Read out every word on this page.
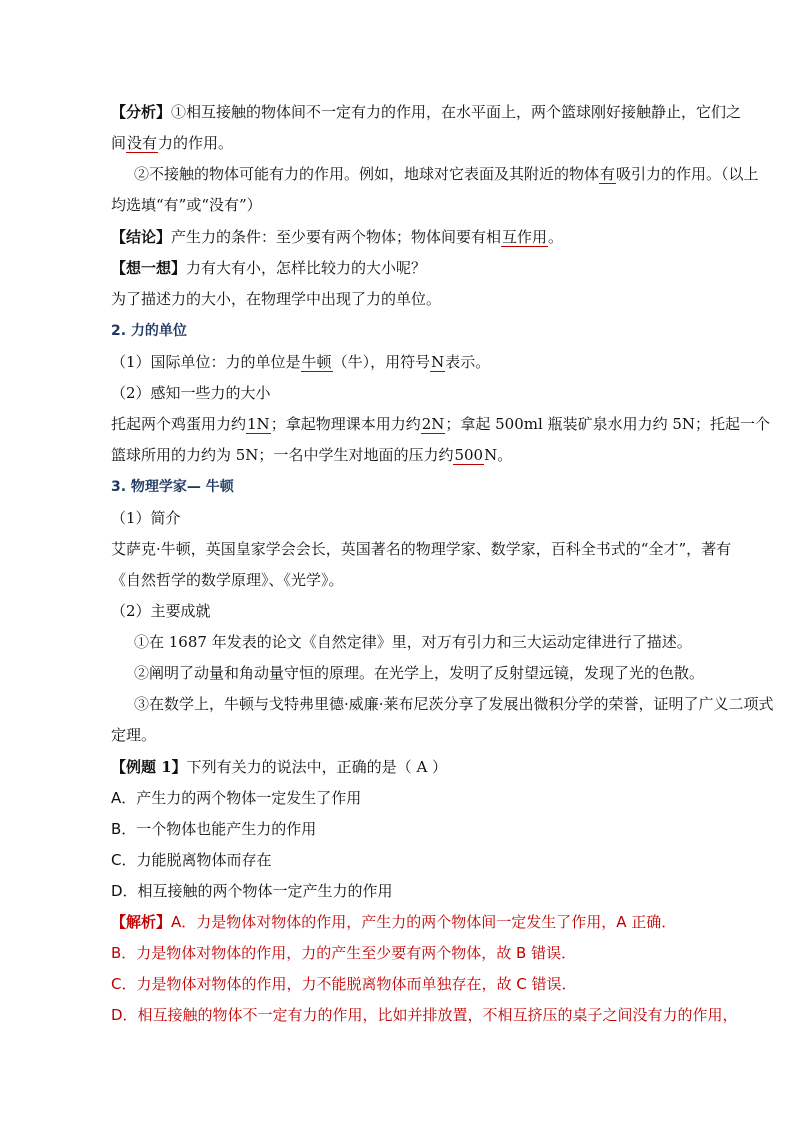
【分析】①相互接触的物体间不一定有力的作用，在水平面上，两个篮球刚好接触静止，它们之
间没有力的作用。
②不接触的物体可能有力的作用。例如，地球对它表面及其附近的物体有吸引力的作用。（以上
均选填“有”或“没有”）
【结论】产生力的条件：至少要有两个物体；物体间要有相互作用。
【想一想】力有大有小，怎样比较力的大小呢？
为了描述力的大小，在物理学中出现了力的单位。
2. 力的单位
（1）国际单位：力的单位是牛顿（牛），用符号N表示。
（2）感知一些力的大小
托起两个鸡蛋用力约1N；拿起物理课本用力约2N；拿起 500ml 瓶装矿泉水用力约 5N；托起一个
篮球所用的力约为 5N；一名中学生对地面的压力约500N。
3. 物理学家— 牛顿
（1）简介
艾萨克·牛顿，英国皇家学会会长，英国著名的物理学家、数学家，百科全书式的“全才”，著有
《自然哲学的数学原理》、《光学》。
（2）主要成就
①在 1687 年发表的论文《自然定律》里，对万有引力和三大运动定律进行了描述。
②阐明了动量和角动量守恒的原理。在光学上，发明了反射望远镜，发现了光的色散。
③在数学上，牛顿与戈特弗里德·威廉·莱布尼茨分享了发展出微积分学的荣誉，证明了广义二项式
定理。
【例题 1】下列有关力的说法中，正确的是（ A ）
A．产生力的两个物体一定发生了作用
B．一个物体也能产生力的作用
C．力能脱离物体而存在
D．相互接触的两个物体一定产生力的作用
【解析】A．力是物体对物体的作用，产生力的两个物体间一定发生了作用，A 正确．
B．力是物体对物体的作用，力的产生至少要有两个物体，故 B 错误．
C．力是物体对物体的作用，力不能脱离物体而单独存在，故 C 错误．
D．相互接触的物体不一定有力的作用，比如并排放置，不相互挤压的桌子之间没有力的作用，
